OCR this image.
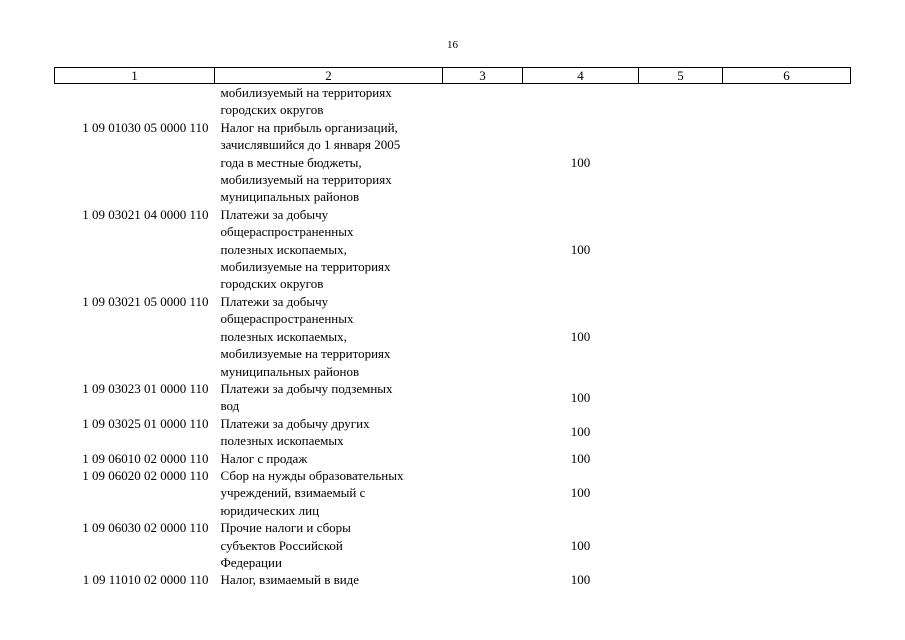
16
1	2	3	4	5	6

	мобилизуемый на территориях
городских округов				

1 09 01030 05 0000 110	Налог на прибыль организаций,
зачислявшийся до 1 января 2005
года в местные бюджеты,
мобилизуемый на территориях
муниципальных районов		100		
1 09 03021 04 0000 110	Платежи за добычу
общераспространенных
полезных ископаемых,
мобилизуемые на территориях
городских округов		100		
1 09 03021 05 0000 110	Платежи за добычу
общераспространенных
полезных ископаемых,
мобилизуемые на территориях
муниципальных районов		100		
1 09 03023 01 0000 110	Платежи за добычу подземных
вод		100		
1 09 03025 01 0000 110	Платежи за добычу других
полезных ископаемых		100		
1 09 06010 02 0000 110	Налог с продаж		100		
1 09 06020 02 0000 110	Сбор на нужды образовательных
учреждений, взимаемый с
юридических лиц		100		
1 09 06030 02 0000 110	Прочие налоги и сборы
субъектов Российской
Федерации		100		
1 09 11010 02 0000 110	Налог, взимаемый в виде		100		
